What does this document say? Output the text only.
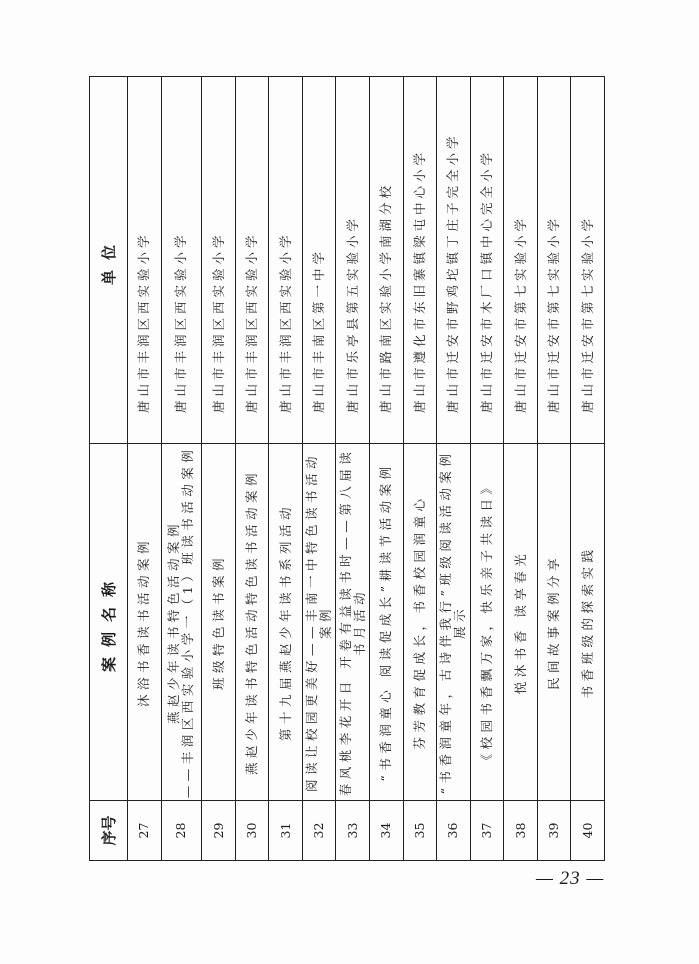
序号	案例名称	单位
27	沐浴书香读书活动案例	唐山市丰润区西实验小学
28	燕赵少年读书特色活动案例 ——丰润区西实验小学一（1）班读书活动案例	唐山市丰润区西实验小学
29	班级特色读书案例	唐山市丰润区西实验小学
30	燕赵少年读书特色活动特色读书活动案例	唐山市丰润区西实验小学
31	第十九届燕赵少年读书系列活动	唐山市丰润区西实验小学
32	阅读让校园更美好——丰南一中特色读书活动案例	唐山市丰南区第一中学
33	春风桃李花开日 开卷有益读书时——第八届读书月活动	唐山市乐亭县第五实验小学
34	“书香润童心 阅读促成长”耕读节活动案例	唐山市路南区实验小学南湖分校
35	芬芳教育促成长，书香校园润童心	唐山市遵化市东旧寨镇梁屯中心小学
36	“书香润童年，古诗伴我行”班级阅读活动案例展示	唐山市迁安市野鸡坨镇丁庄子完全小学
37	《校园书香飘万家，快乐亲子共读日》	唐山市迁安市木厂口镇中心完全小学
38	悦沐书香 读享春光	唐山市迁安市第七实验小学
39	民间故事案例分享	唐山市迁安市第七实验小学
40	书香班级的探索实践	唐山市迁安市第七实验小学
— 23 —
